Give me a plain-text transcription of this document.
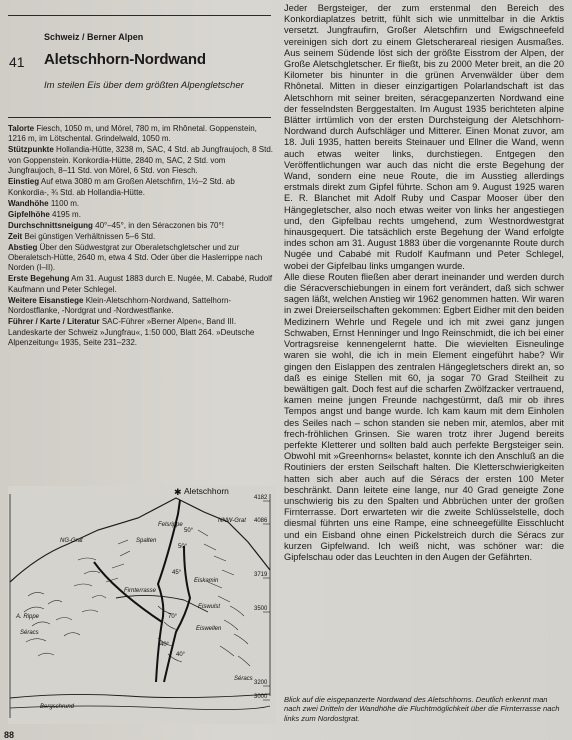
Schweiz / Berner Alpen
41 Aletschhorn-Nordwand
Im steilen Eis über dem größten Alpengletscher

Talorte Fiesch, 1050 m, und Mörel, 780 m, im Rhônetal. Goppenstein, 1216 m, im Lötschental. Grindelwald, 1050 m.

Stützpunkte Hollandia-Hütte, 3238 m, SAC, 4 Std. ab Jungfraujoch, 8 Std. von Goppenstein. Konkordia-Hütte, 2840 m, SAC, 2 Std. vom Jungfraujoch, 8–11 Std. von Mörel, 6 Std. von Fiesch.

Einstieg Auf etwa 3080 m am Großen Aletschfirn, 1½–2 Std. ab Konkordia-, ¾ Std. ab Hollandia-Hütte.

Wandhöhe 1100 m.

Gipfelhöhe 4195 m.

Durchschnittsneigung 40°–45°, in den Séraczonen bis 70°!

Zeit Bei günstigen Verhältnissen 5–6 Std.

Abstieg Über den Südwestgrat zur Oberaletschgletscher und zur Oberaletsch-Hütte, 2640 m, etwa 4 Std. Oder über die Haslerrippe nach Norden (I–II).

Erste Begehung Am 31. August 1883 durch E. Nugée, M. Cababé, Rudolf Kaufmann und Peter Schlegel.

Weitere Eisanstiege Klein-Aletschhorn-Nordwand, Sattelhorn-Nordostflanke, -Nordgrat und -Nordwestflanke.

Führer / Karte / Literatur SAC-Führer »Berner Alpen«, Band III. Landeskarte der Schweiz »Jungfrau«, 1:50 000, Blatt 264. »Deutsche Alpenzeitung« 1935, Seite 231–232.

Jeder Bergsteiger, der zum erstenmal den Bereich des Konkordiaplatzes betritt, fühlt sich wie unmittelbar in die Arktis versetzt. Jungfraufirn, Großer Aletschfirn und Ewigschneefeld vereinigen sich dort zu einem Gletscherareal riesigen Ausmaßes. Aus seinem Südende löst sich der größte Eisstrom der Alpen, der Große Aletschgletscher. Er fließt, bis zu 2000 Meter breit, an die 20 Kilometer bis hinunter in die grünen Arvenwälder über dem Rhônetal. Mitten in dieser einzigartigen Polarlandschaft ist das Aletschhorn mit seiner breiten, séracgepanzerten Nordwand eine der fesselndsten Berggestalten. Im August 1935 berichteten alpine Blätter irrtümlich von der ersten Durchsteigung der Aletschhorn-Nordwand durch Aufschläger und Mitterer. Einen Monat zuvor, am 18. Juli 1935, hatten bereits Steinauer und Ellner die Wand, wenn auch etwas weiter links, durchstiegen. Entgegen den Veröffentlichungen war auch das nicht die erste Begehung der Wand, sondern eine neue Route, die im Ausstieg allerdings erstmals direkt zum Gipfel führte. Schon am 9. August 1925 waren E. R. Blanchet mit Adolf Ruby und Caspar Mooser über den Hängegletscher, also noch etwas weiter von links her angestiegen und, den Gipfelbau rechts umgehend, zum Westnordwestgrat hinausgequert. Die tatsächlich erste Begehung der Wand erfolgte indes schon am 31. August 1883 über die vorgenannte Route durch Nugée und Cababé mit Rudolf Kaufmann und Peter Schlegel, wobei der Gipfelbau links umgangen wurde.

Alle diese Routen fließen aber derart ineinander und werden durch die Séracverschiebungen in einem fort verändert, daß sich schwer sagen läßt, welchen Anstieg wir 1962 genommen hatten. Wir waren in zwei Dreierseilschaften gekommen: Egbert Eidher mit den beiden Medizinern Wehrle und Regele und ich mit zwei ganz jungen Schwaben, Ernst Henninger und Ingo Reinschmidt, die ich bei einer Vortragsreise kennengelernt hatte. Die wievielten Eisneulinge waren sie wohl, die ich in mein Element eingeführt habe? Wir gingen den Eislappen des zentralen Hängegletschers direkt an, so daß es einige Stellen mit 60, ja sogar 70 Grad Steilheit zu bewältigen galt. Doch fest auf die scharfen Zwölfzacker vertrauend, kamen meine jungen Freunde nachgestürmt, daß mir ob ihres Tempos angst und bange wurde. Ich kam kaum mit dem Einholen des Seiles nach – schon standen sie neben mir, atemlos, aber mit frech-fröhlichen Grinsen. Sie waren trotz ihrer Jugend bereits perfekte Kletterer und sollten bald auch perfekte Bergsteiger sein. Obwohl mit »Greenhorns« belastet, konnte ich den Anschluß an die Routiniers der ersten Seilschaft halten. Die Kletterschwierigkeiten hatten sich aber auch auf die Séracs der ersten 100 Meter beschränkt. Dann leitete eine lange, nur 40 Grad geneigte Zone unschwierig bis zu den Spalten und Abbrüchen unter der großen Firnterrasse. Dort erwarteten wir die zweite Schlüsselstelle, doch diesmal führten uns eine Rampe, eine schneegefüllte Eisschlucht und ein Eisband ohne einen Pickelstreich durch die Séracs zur kurzen Gipfelwand. Ich weiß nicht, was schöner war: die Gipfelschau oder das Leuchten in den Augen der Gefährten.

✱ Aletschhorn
4182
4086
3719
3500
3200
3000
NG-Grat
NNW-Grat
Felsrippe
Spalten
Firnterrasse
Eiskamin
Eiswulst
Eiswellen
Séracs
Séracs
A. Rippe
Bergschrund
50°
50°
45°
70°
40°
40°
Blick auf die eisgepanzerte Nordwand des Aletschhorns. Deutlich erkennt man nach zwei Dritteln der Wandhöhe die Fluchtmöglichkeit über die Firnterrasse nach links zum Nordostgrat.
88
